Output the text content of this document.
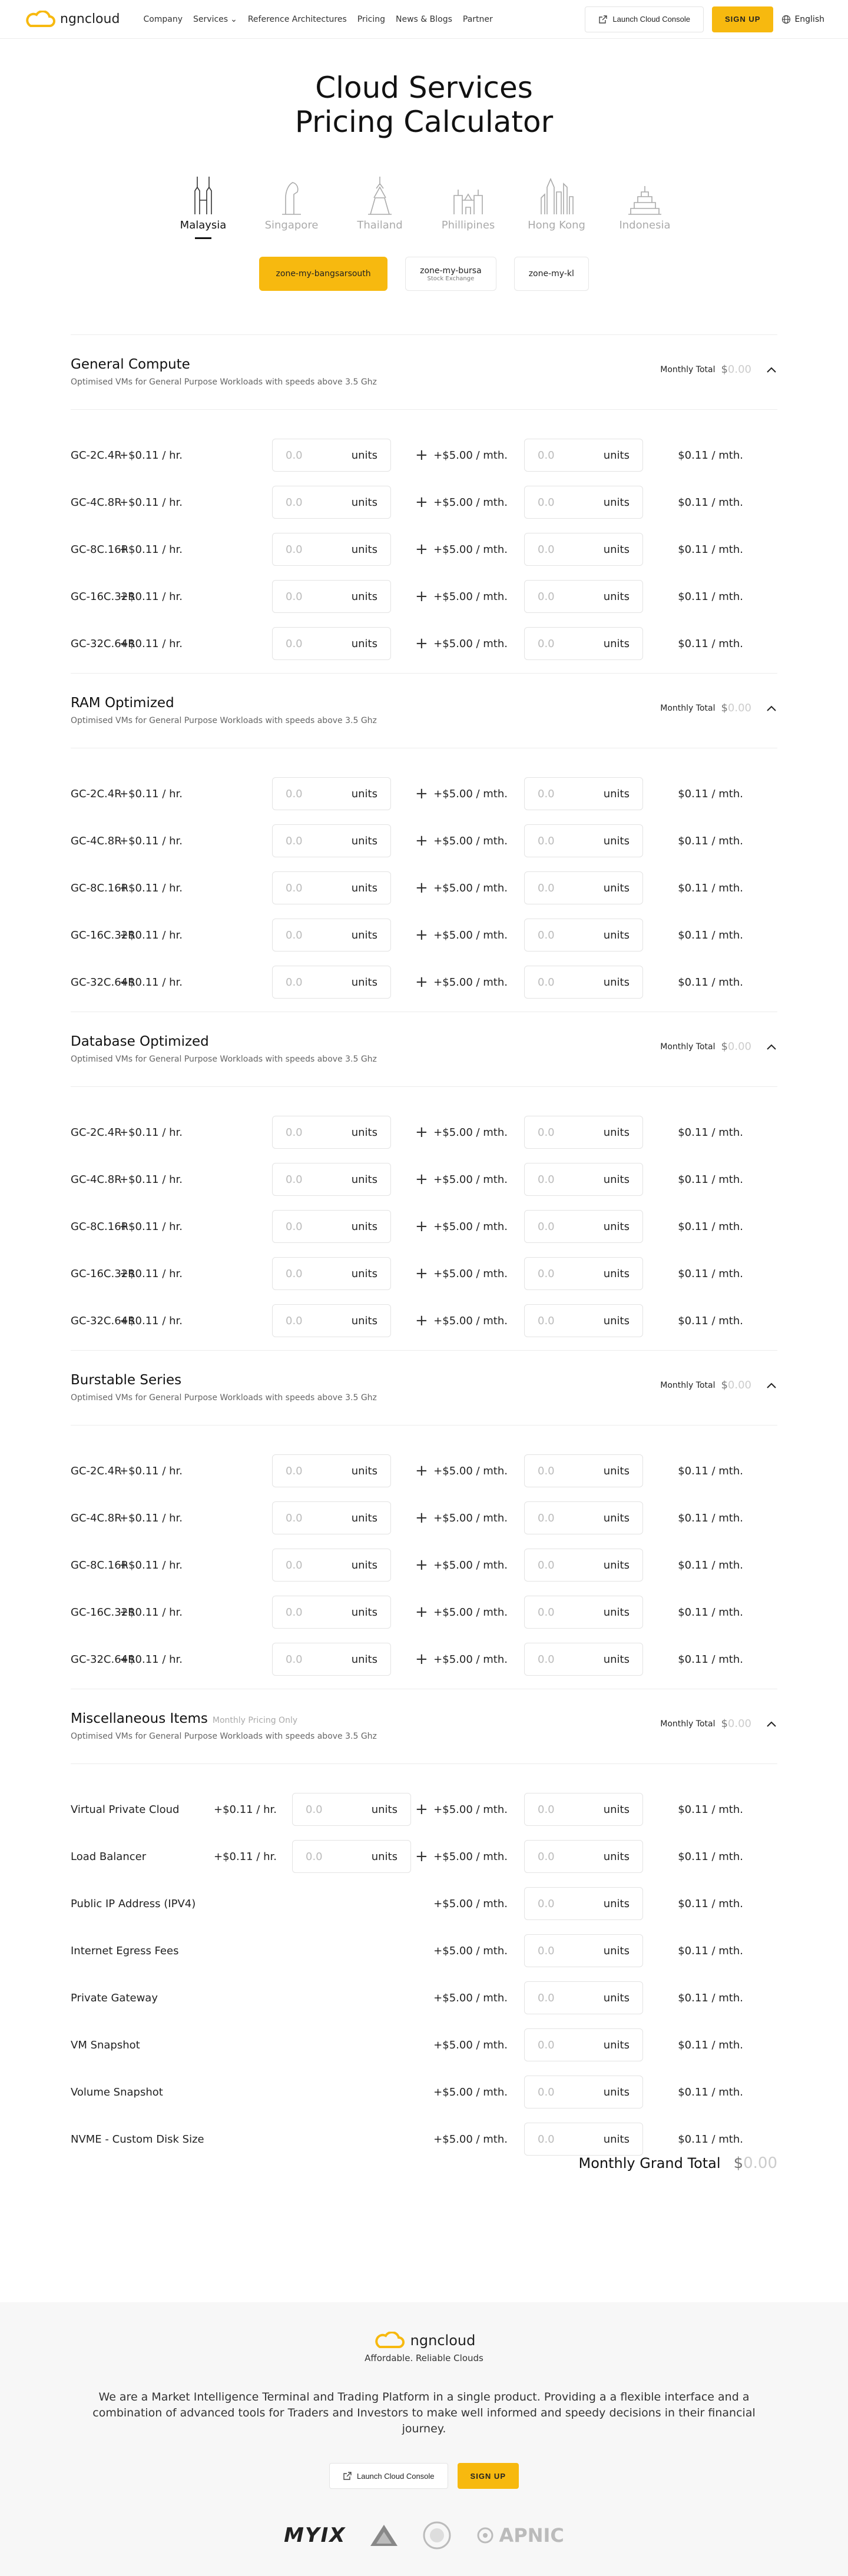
ngncloud	Company Services ⌄ Reference Architectures Pricing News & Blogs Partner	Launch Cloud Console	SIGN UP	English
Cloud Services
Pricing Calculator
Malaysia	Singapore	Thailand	Phillipines	Hong Kong	Indonesia
zone-my-bangsarsouth	zone-my-bursa
Stock Exchange	zone-my-kl
General Compute
Optimised VMs for General Purpose Workloads with speeds above 3.5 Ghz
Monthly Total $0.00
GC-2C.4R
+$0.11 / hr.	0.0	units + +$5.00 / mth.	0.0	units	$0.11 / mth.
GC-4C.8R
+$0.11 / hr.	0.0	units + +$5.00 / mth.	0.0	units	$0.11 / mth.
GC-8C.16R
+$0.11 / hr.	0.0	units + +$5.00 / mth.	0.0	units	$0.11 / mth.
GC-16C.32R
+$0.11 / hr.	0.0	units + +$5.00 / mth.	0.0	units	$0.11 / mth.
GC-32C.64R
+$0.11 / hr.	0.0	units + +$5.00 / mth.	0.0	units	$0.11 / mth.
RAM Optimized
Optimised VMs for General Purpose Workloads with speeds above 3.5 Ghz
Monthly Total $0.00
GC-2C.4R
+$0.11 / hr.	0.0	units + +$5.00 / mth.	0.0	units	$0.11 / mth.
GC-4C.8R
+$0.11 / hr.	0.0	units + +$5.00 / mth.	0.0	units	$0.11 / mth.
GC-8C.16R
+$0.11 / hr.	0.0	units + +$5.00 / mth.	0.0	units	$0.11 / mth.
GC-16C.32R
+$0.11 / hr.	0.0	units + +$5.00 / mth.	0.0	units	$0.11 / mth.
GC-32C.64R
+$0.11 / hr.	0.0	units + +$5.00 / mth.	0.0	units	$0.11 / mth.
Database Optimized
Optimised VMs for General Purpose Workloads with speeds above 3.5 Ghz
Monthly Total $0.00
GC-2C.4R
+$0.11 / hr.	0.0	units + +$5.00 / mth.	0.0	units	$0.11 / mth.
GC-4C.8R
+$0.11 / hr.	0.0	units + +$5.00 / mth.	0.0	units	$0.11 / mth.
GC-8C.16R
+$0.11 / hr.	0.0	units + +$5.00 / mth.	0.0	units	$0.11 / mth.
GC-16C.32R
+$0.11 / hr.	0.0	units + +$5.00 / mth.	0.0	units	$0.11 / mth.
GC-32C.64R
+$0.11 / hr.	0.0	units + +$5.00 / mth.	0.0	units	$0.11 / mth.
Burstable Series
Optimised VMs for General Purpose Workloads with speeds above 3.5 Ghz
Monthly Total $0.00
GC-2C.4R
+$0.11 / hr.	0.0	units + +$5.00 / mth.	0.0	units	$0.11 / mth.
GC-4C.8R
+$0.11 / hr.	0.0	units + +$5.00 / mth.	0.0	units	$0.11 / mth.
GC-8C.16R
+$0.11 / hr.	0.0	units + +$5.00 / mth.	0.0	units	$0.11 / mth.
GC-16C.32R
+$0.11 / hr.	0.0	units + +$5.00 / mth.	0.0	units	$0.11 / mth.
GC-32C.64R
+$0.11 / hr.	0.0	units + +$5.00 / mth.	0.0	units	$0.11 / mth.
Miscellaneous Items Monthly Pricing Only
Optimised VMs for General Purpose Workloads with speeds above 3.5 Ghz
Monthly Total $0.00
Virtual Private Cloud	+$0.11 / hr.	0.0	units + +$5.00 / mth.	0.0	units	$0.11 / mth.
Load Balancer	+$0.11 / hr.	0.0	units + +$5.00 / mth.	0.0	units	$0.11 / mth.
Public IP Address (IPV4)	+$5.00 / mth.	0.0	units	$0.11 / mth.
Internet Egress Fees	+$5.00 / mth.	0.0	units	$0.11 / mth.
Private Gateway	+$5.00 / mth.	0.0	units	$0.11 / mth.
VM Snapshot	+$5.00 / mth.	0.0	units	$0.11 / mth.
Volume Snapshot	+$5.00 / mth.	0.0	units	$0.11 / mth.
NVME - Custom Disk Size	+$5.00 / mth.	0.0	units	$0.11 / mth.
Monthly Grand Total $0.00
ngncloud
Affordable. Reliable Clouds
We are a Market Intelligence Terminal and Trading Platform in a single product. Providing a a flexible interface and a combination of advanced tools for Traders and Investors to make well informed and speedy decisions in their financial journey.
Launch Cloud Console	SIGN UP
MYIX	APNIC
